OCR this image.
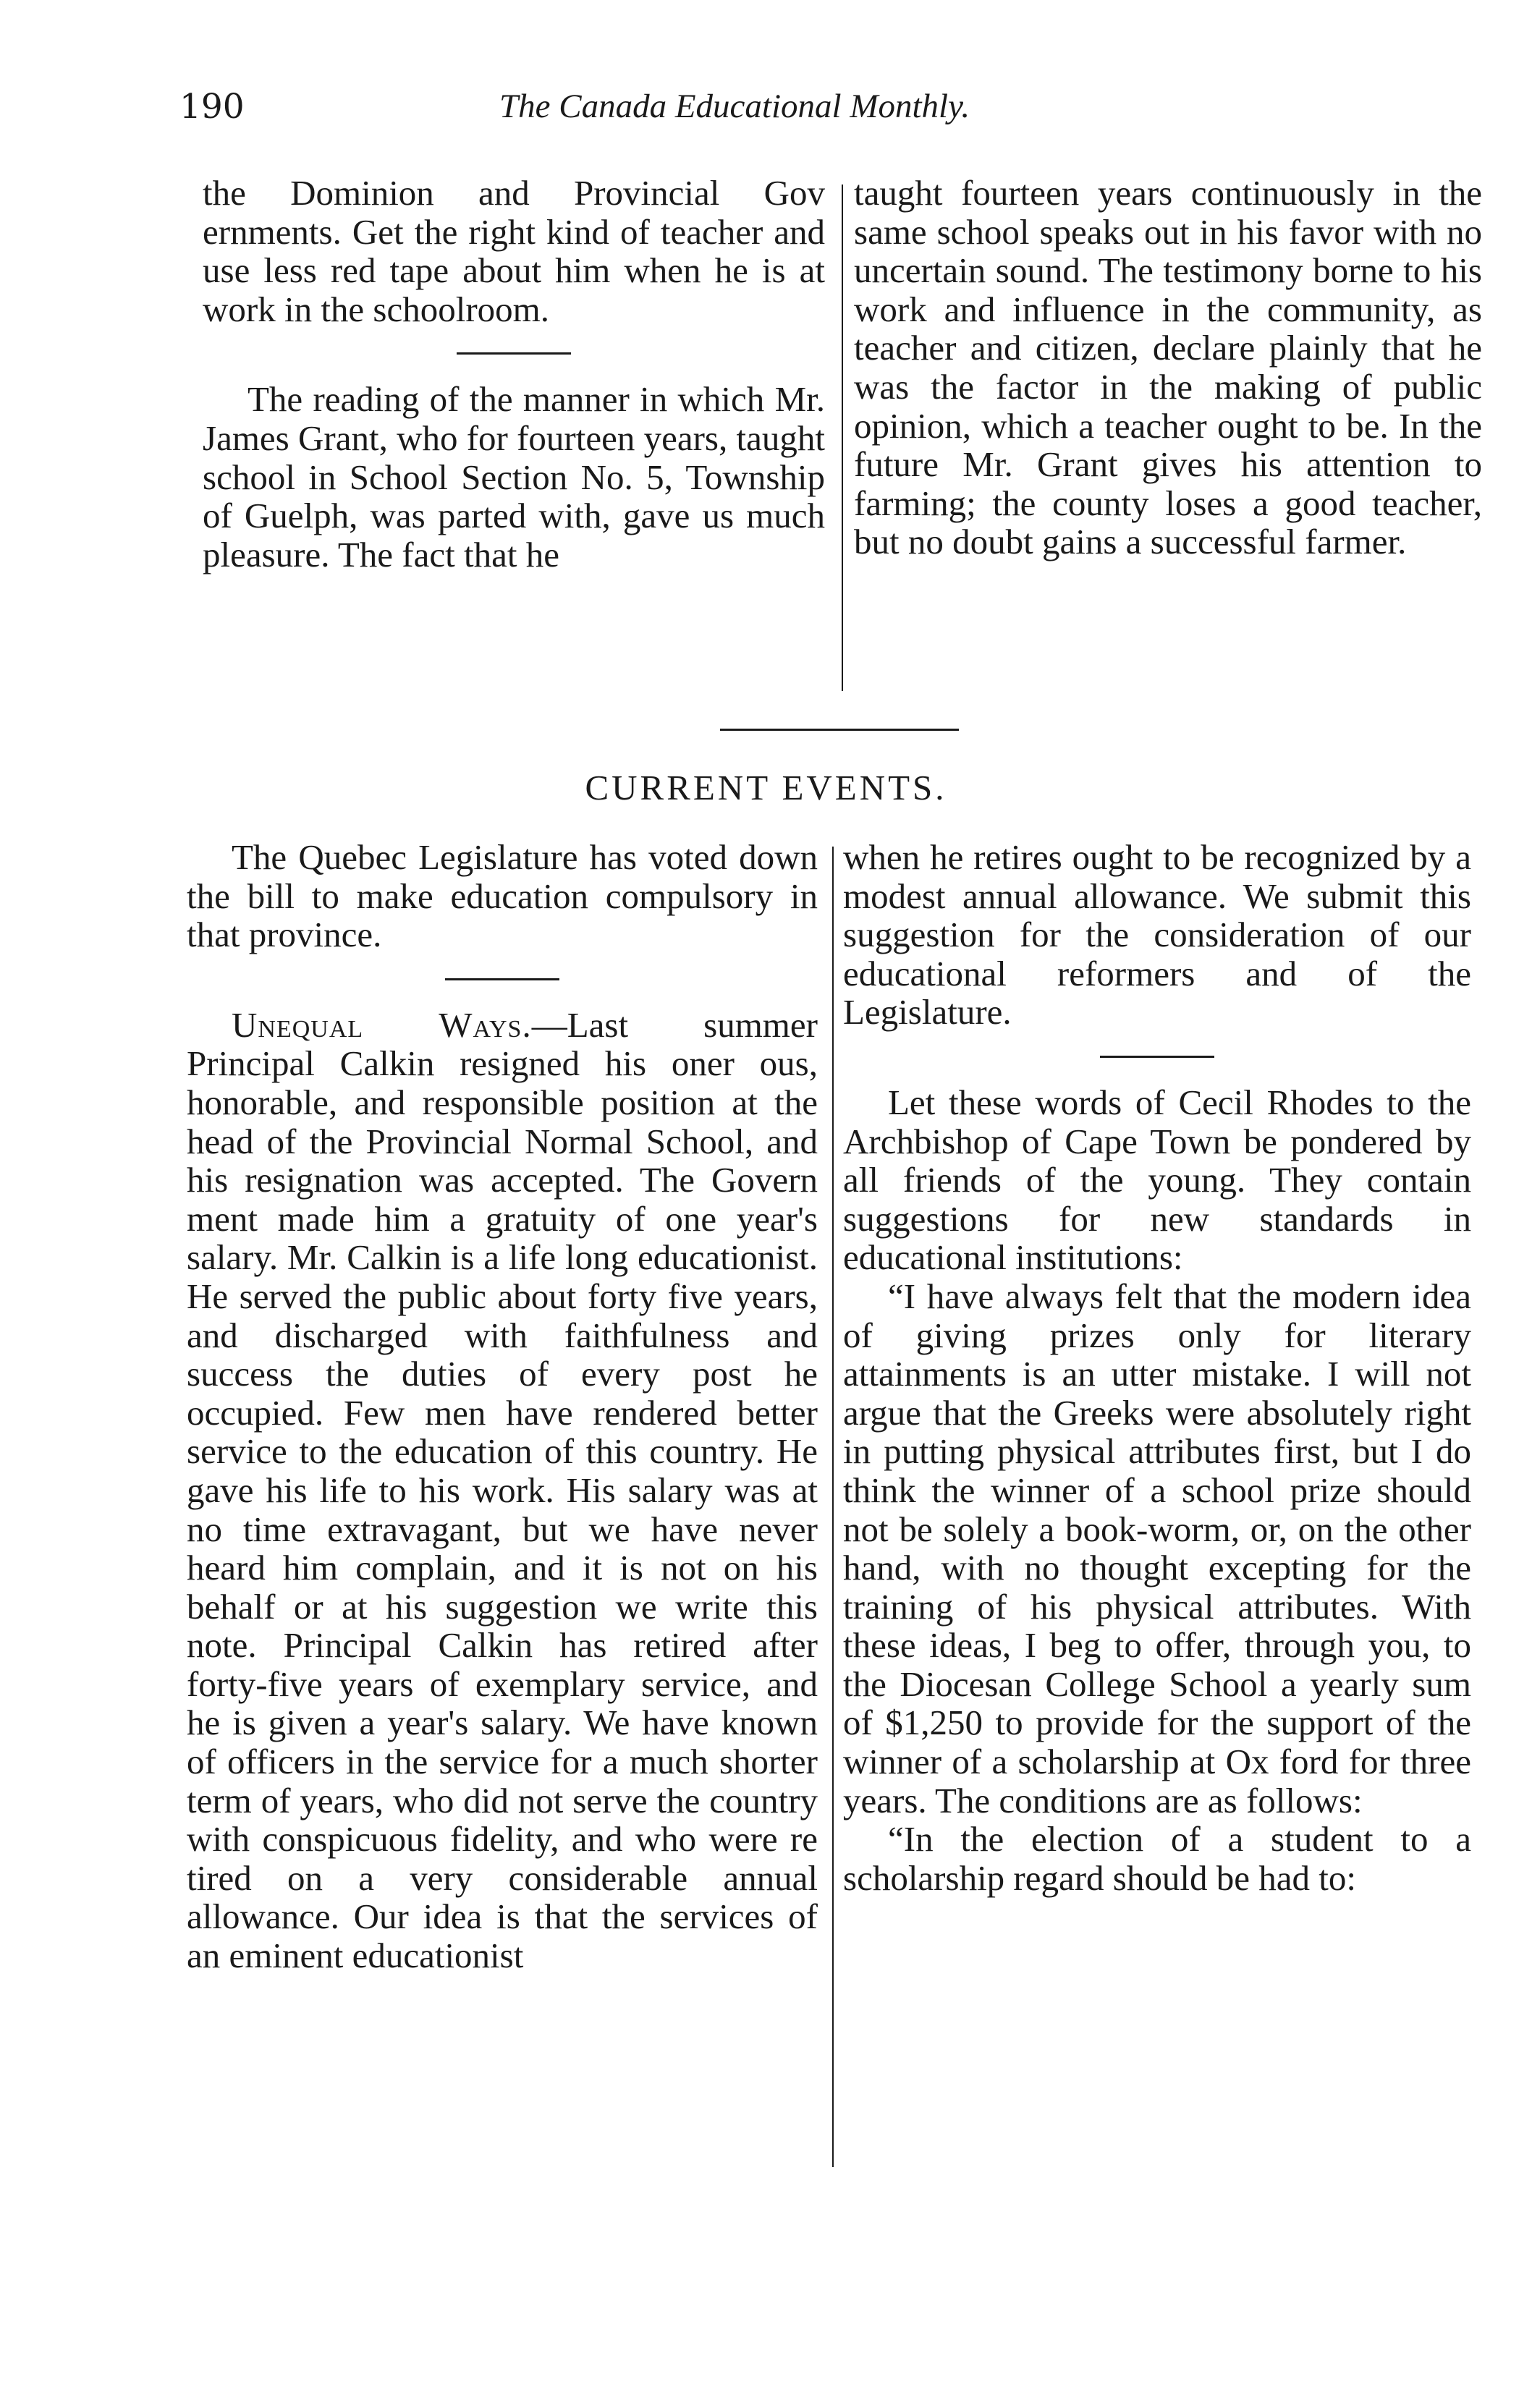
190	The Canada Educational Monthly.

the Dominion and Provincial Gov ernments. Get the right kind of teacher and use less red tape about him when he is at work in the schoolroom.

The reading of the manner in which Mr. James Grant, who for fourteen years, taught school in School Section No. 5, Township of Guelph, was parted with, gave us much pleasure. The fact that he

taught fourteen years continuously in the same school speaks out in his favor with no uncertain sound. The testimony borne to his work and influence in the community, as teacher and citizen, declare plainly that he was the factor in the making of public opinion, which a teacher ought to be. In the future Mr. Grant gives his attention to farming; the county loses a good teacher, but no doubt gains a successful farmer.

CURRENT EVENTS.

The Quebec Legislature has voted down the bill to make education compulsory in that province.

Unequal Ways.—Last summer Principal Calkin resigned his oner ous, honorable, and responsible position at the head of the Provincial Normal School, and his resignation was accepted. The Govern ment made him a gratuity of one year's salary. Mr. Calkin is a life long educationist. He served the public about forty five years, and discharged with faithfulness and success the duties of every post he occupied. Few men have rendered better service to the education of this country. He gave his life to his work. His salary was at no time extravagant, but we have never heard him complain, and it is not on his behalf or at his suggestion we write this note. Principal Calkin has retired after forty-five years of exemplary service, and he is given a year's salary. We have known of officers in the service for a much shorter term of years, who did not serve the country with conspicuous fidelity, and who were re tired on a very considerable annual allowance. Our idea is that the services of an eminent educationist

when he retires ought to be recognized by a modest annual allowance. We submit this suggestion for the consideration of our educational reformers and of the Legislature.

Let these words of Cecil Rhodes to the Archbishop of Cape Town be pondered by all friends of the young. They contain suggestions for new standards in educational institutions:

“I have always felt that the modern idea of giving prizes only for literary attainments is an utter mistake. I will not argue that the Greeks were absolutely right in putting physical attributes first, but I do think the winner of a school prize should not be solely a book-worm, or, on the other hand, with no thought excepting for the training of his physical attributes. With these ideas, I beg to offer, through you, to the Diocesan College School a yearly sum of $1,250 to provide for the support of the winner of a scholarship at Ox ford for three years. The conditions are as follows:

“In the election of a student to a scholarship regard should be had to:
